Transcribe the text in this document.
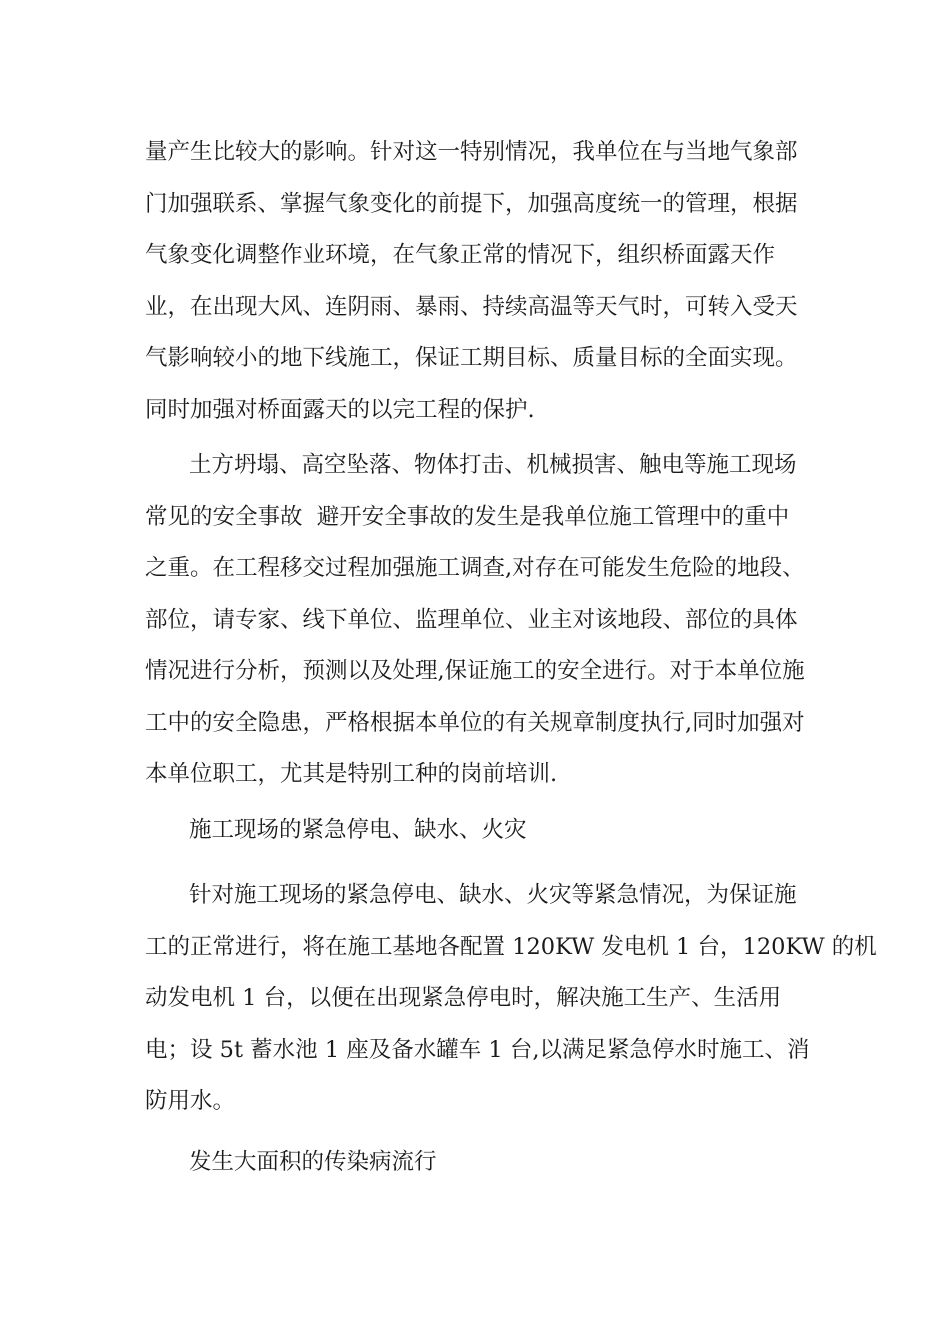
量产生比较大的影响。针对这一特别情况，我单位在与当地气象部
门加强联系、掌握气象变化的前提下，加强高度统一的管理，根据
气象变化调整作业环境，在气象正常的情况下，组织桥面露天作
业，在出现大风、连阴雨、暴雨、持续高温等天气时，可转入受天
气影响较小的地下线施工，保证工期目标、质量目标的全面实现。
同时加强对桥面露天的以完工程的保护.
土方坍塌、高空坠落、物体打击、机械损害、触电等施工现场
常见的安全事故  避开安全事故的发生是我单位施工管理中的重中
之重。在工程移交过程加强施工调查,对存在可能发生危险的地段、
部位，请专家、线下单位、监理单位、业主对该地段、部位的具体
情况进行分析，预测以及处理,保证施工的安全进行。对于本单位施
工中的安全隐患，严格根据本单位的有关规章制度执行,同时加强对
本单位职工，尤其是特别工种的岗前培训.
施工现场的紧急停电、缺水、火灾
针对施工现场的紧急停电、缺水、火灾等紧急情况，为保证施
工的正常进行，将在施工基地各配置 120KW 发电机 1 台，120KW 的机
动发电机 1 台，以便在出现紧急停电时，解决施工生产、生活用
电；设 5t 蓄水池 1 座及备水罐车 1 台,以满足紧急停水时施工、消
防用水。
发生大面积的传染病流行
